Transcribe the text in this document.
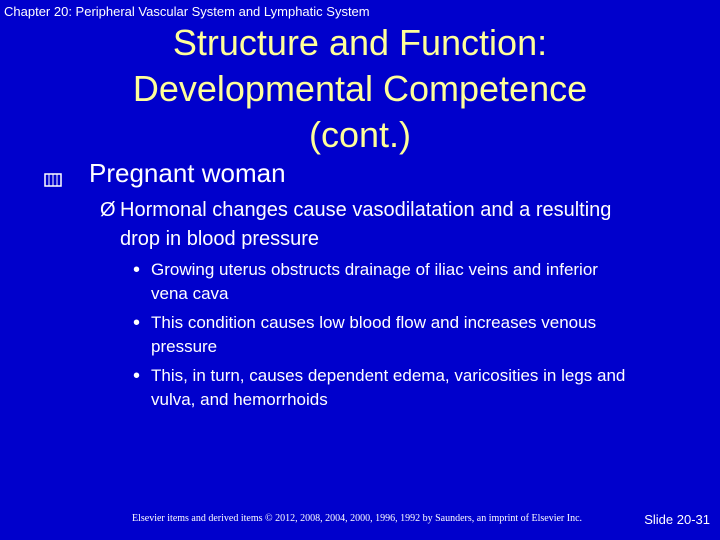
Chapter 20: Peripheral Vascular System and Lymphatic System
Structure and Function:
Developmental Competence
(cont.)
Pregnant woman
Ø Hormonal changes cause vasodilatation and a resulting drop in blood pressure
• Growing uterus obstructs drainage of iliac veins and inferior vena cava
• This condition causes low blood flow and increases venous pressure
• This, in turn, causes dependent edema, varicosities in legs and vulva, and hemorrhoids
Elsevier items and derived items © 2012, 2008, 2004, 2000, 1996, 1992 by Saunders, an imprint of Elsevier Inc.	Slide 20-31
